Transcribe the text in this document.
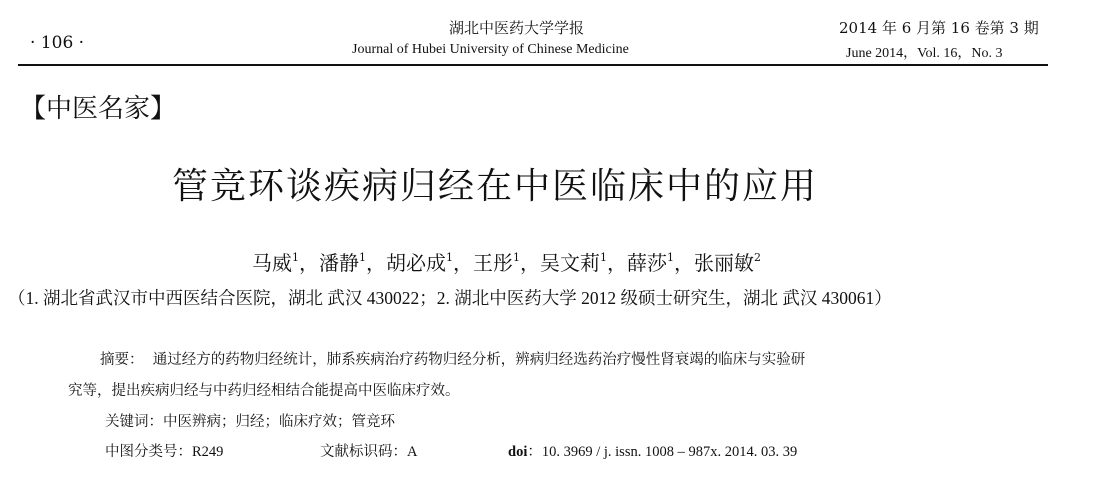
· 106 ·
湖北中医药大学学报
Journal of Hubei University of Chinese Medicine
2014 年 6 月第 16 卷第 3 期
June 2014，Vol. 16，No. 3
【中医名家】
管竞环谈疾病归经在中医临床中的应用
马威$^1$，潘静$^1$，胡必成$^1$，王彤$^1$，吴文莉$^1$，薛莎$^1$，张丽敏$^2$
（1. 湖北省武汉市中西医结合医院，湖北 武汉 430022；2. 湖北中医药大学 2012 级硕士研究生，湖北 武汉 430061）
摘要： 通过经方的药物归经统计，肺系疾病治疗药物归经分析，辨病归经选药治疗慢性肾衰竭的临床与实验研
究等，提出疾病归经与中药归经相结合能提高中医临床疗效。
关键词：中医辨病；归经；临床疗效；管竞环
中图分类号：R249	文献标识码：A	doi：10. 3969 / j. issn. 1008 – 987x. 2014. 03. 39
